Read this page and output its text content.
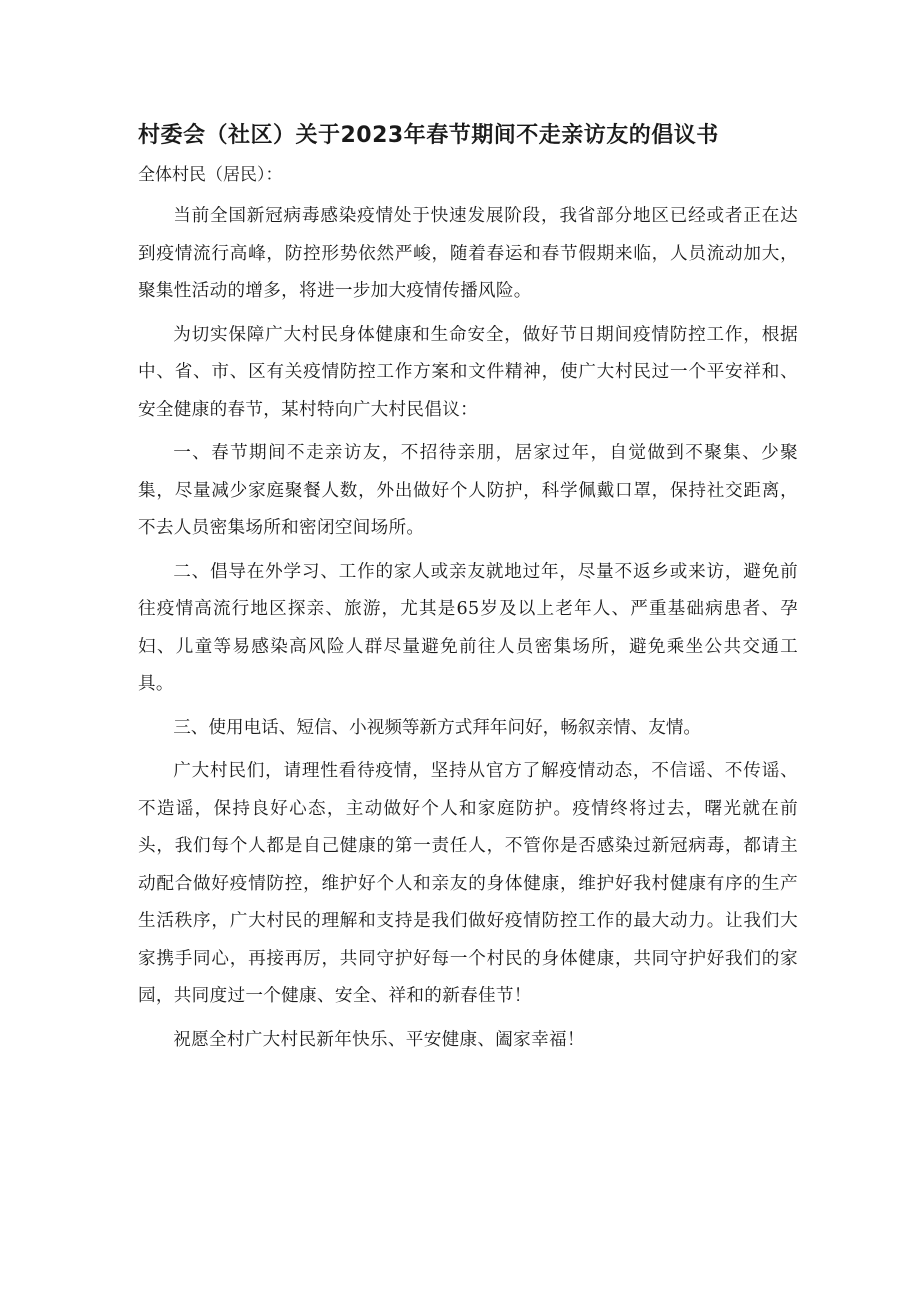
村委会（社区）关于2023年春节期间不走亲访友的倡议书

全体村民（居民）：

当前全国新冠病毒感染疫情处于快速发展阶段，我省部分地区已经或者正在达到疫情流行高峰，防控形势依然严峻，随着春运和春节假期来临，人员流动加大，聚集性活动的增多，将进一步加大疫情传播风险。

为切实保障广大村民身体健康和生命安全，做好节日期间疫情防控工作，根据中、省、市、区有关疫情防控工作方案和文件精神，使广大村民过一个平安祥和、安全健康的春节，某村特向广大村民倡议：

一、春节期间不走亲访友，不招待亲朋，居家过年，自觉做到不聚集、少聚集，尽量减少家庭聚餐人数，外出做好个人防护，科学佩戴口罩，保持社交距离，不去人员密集场所和密闭空间场所。

二、倡导在外学习、工作的家人或亲友就地过年，尽量不返乡或来访，避免前往疫情高流行地区探亲、旅游，尤其是65岁及以上老年人、严重基础病患者、孕妇、儿童等易感染高风险人群尽量避免前往人员密集场所，避免乘坐公共交通工具。

三、使用电话、短信、小视频等新方式拜年问好，畅叙亲情、友情。

广大村民们，请理性看待疫情，坚持从官方了解疫情动态，不信谣、不传谣、不造谣，保持良好心态，主动做好个人和家庭防护。疫情终将过去，曙光就在前头，我们每个人都是自己健康的第一责任人，不管你是否感染过新冠病毒，都请主动配合做好疫情防控，维护好个人和亲友的身体健康，维护好我村健康有序的生产生活秩序，广大村民的理解和支持是我们做好疫情防控工作的最大动力。让我们大家携手同心，再接再厉，共同守护好每一个村民的身体健康，共同守护好我们的家园，共同度过一个健康、安全、祥和的新春佳节！

祝愿全村广大村民新年快乐、平安健康、阖家幸福！
